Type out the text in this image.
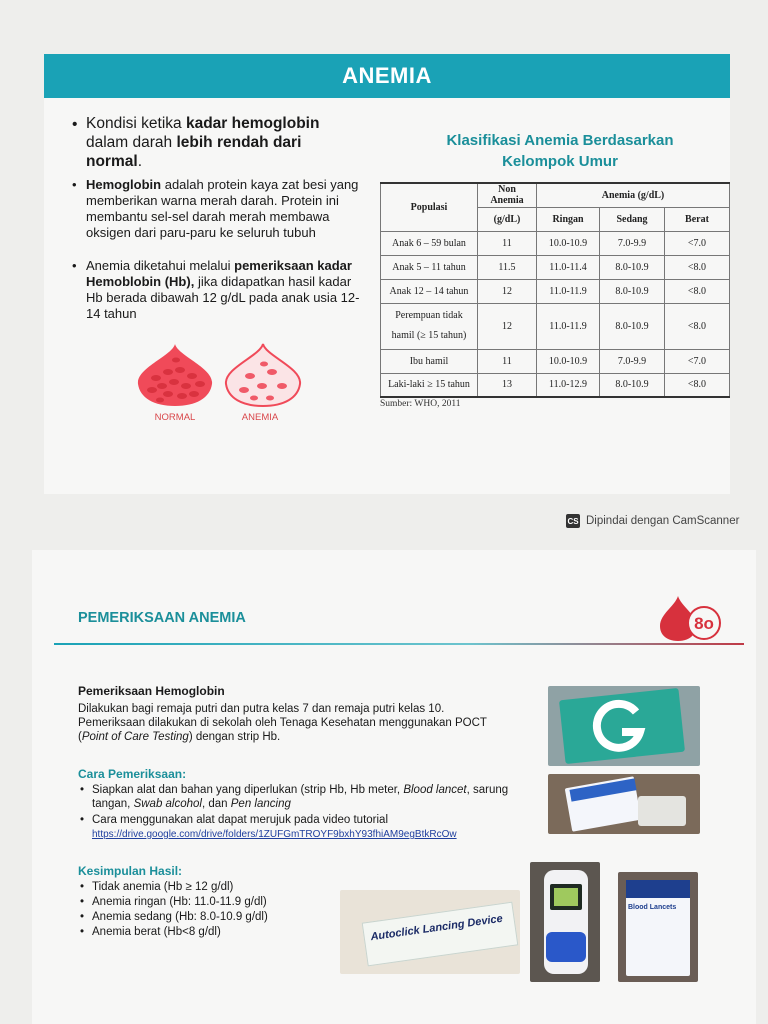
ANEMIA
• Kondisi ketika kadar hemoglobin dalam darah lebih rendah dari normal.
• Hemoglobin adalah protein kaya zat besi yang memberikan warna merah darah. Protein ini membantu sel-sel darah merah membawa oksigen dari paru-paru ke seluruh tubuh
• Anemia diketahui melalui pemeriksaan kadar Hemoblobin (Hb), jika didapatkan hasil kadar Hb berada dibawah 12 g/dL pada anak usia 12-14 tahun
NORMAL	ANEMIA
Klasifikasi Anemia Berdasarkan
Kelompok Umur
Populasi	Non Anemia	Anemia (g/dL)		
	(g/dL)	Ringan	Sedang	Berat
Anak 6 – 59 bulan	11	10.0-10.9	7.0-9.9	<7.0
Anak 5 – 11 tahun	11.5	11.0-11.4	8.0-10.9	<8.0
Anak 12 – 14 tahun	12	11.0-11.9	8.0-10.9	<8.0

Perempuan tidak
hamil (≥ 15 tahun)	12	11.0-11.9	8.0-10.9	<8.0
Ibu hamil	11	10.0-10.9	7.0-9.9	<7.0
Laki-laki ≥ 15 tahun	13	11.0-12.9	8.0-10.9	<8.0
Sumber: WHO, 2011
CS Dipindai dengan CamScanner
PEMERIKSAAN ANEMIA	8o
Pemeriksaan Hemoglobin
Dilakukan bagi remaja putri dan putra kelas 7 dan remaja putri kelas 10.
Pemeriksaan dilakukan di sekolah oleh Tenaga Kesehatan menggunakan POCT
(Point of Care Testing) dengan strip Hb.
Cara Pemeriksaan:
• Siapkan alat dan bahan yang diperlukan (strip Hb, Hb meter, Blood lancet, sarung
tangan, Swab alcohol, dan Pen lancing
• Cara menggunakan alat dapat merujuk pada video tutorial
https://drive.google.com/drive/folders/1ZUFGmTROYF9bxhY93fhiAM9egBtkRcOw
Kesimpulan Hasil:
• Tidak anemia (Hb ≥ 12 g/dl)
• Anemia ringan (Hb: 11.0-11.9 g/dl)
• Anemia sedang (Hb: 8.0-10.9 g/dl)
• Anemia berat (Hb<8 g/dl)	Autoclick Lancing Device
Blood Lancets
